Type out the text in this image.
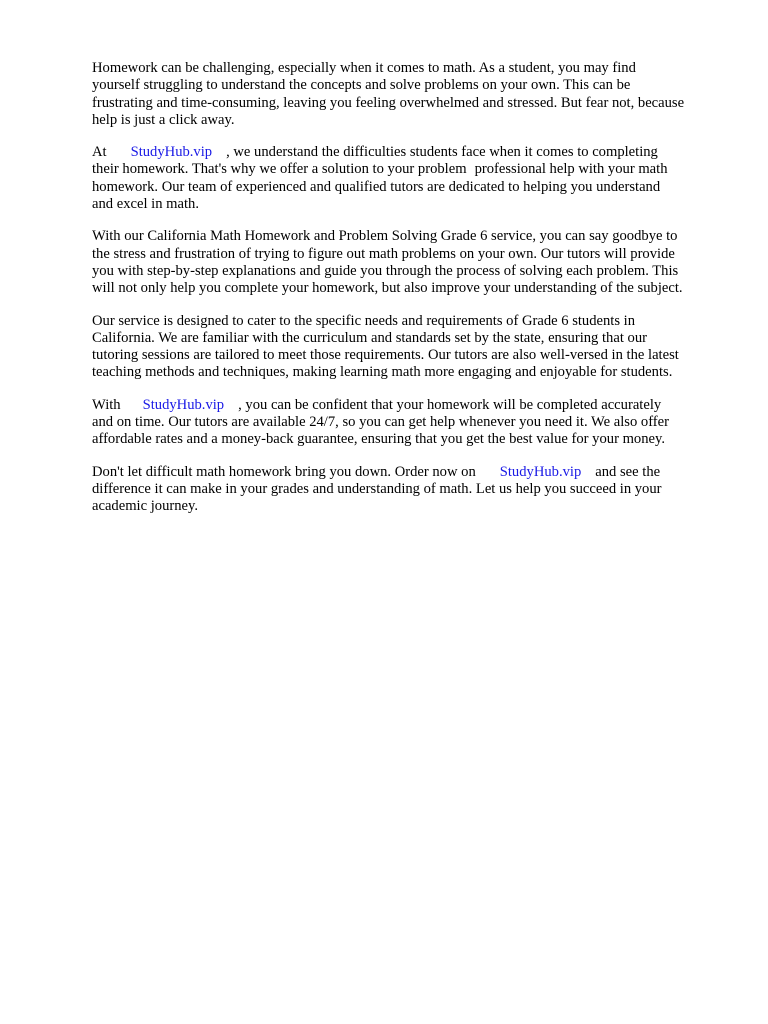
Homework can be challenging, especially when it comes to math. As a student, you may find
yourself struggling to understand the concepts and solve problems on your own. This can be
frustrating and time-consuming, leaving you feeling overwhelmed and stressed. But fear not, because
help is just a click away.

At StudyHub.vip , we understand the difficulties students face when it comes to completing
their homework. That's why we offer a solution to your problem professional help with your math
homework. Our team of experienced and qualified tutors are dedicated to helping you understand
and excel in math.

With our California Math Homework and Problem Solving Grade 6 service, you can say goodbye to
the stress and frustration of trying to figure out math problems on your own. Our tutors will provide
you with step-by-step explanations and guide you through the process of solving each problem. This
will not only help you complete your homework, but also improve your understanding of the subject.

Our service is designed to cater to the specific needs and requirements of Grade 6 students in
California. We are familiar with the curriculum and standards set by the state, ensuring that our
tutoring sessions are tailored to meet those requirements. Our tutors are also well-versed in the latest
teaching methods and techniques, making learning math more engaging and enjoyable for students.

With StudyHub.vip , you can be confident that your homework will be completed accurately
and on time. Our tutors are available 24/7, so you can get help whenever you need it. We also offer
affordable rates and a money-back guarantee, ensuring that you get the best value for your money.

Don't let difficult math homework bring you down. Order now on StudyHub.vip and see the
difference it can make in your grades and understanding of math. Let us help you succeed in your
academic journey.
